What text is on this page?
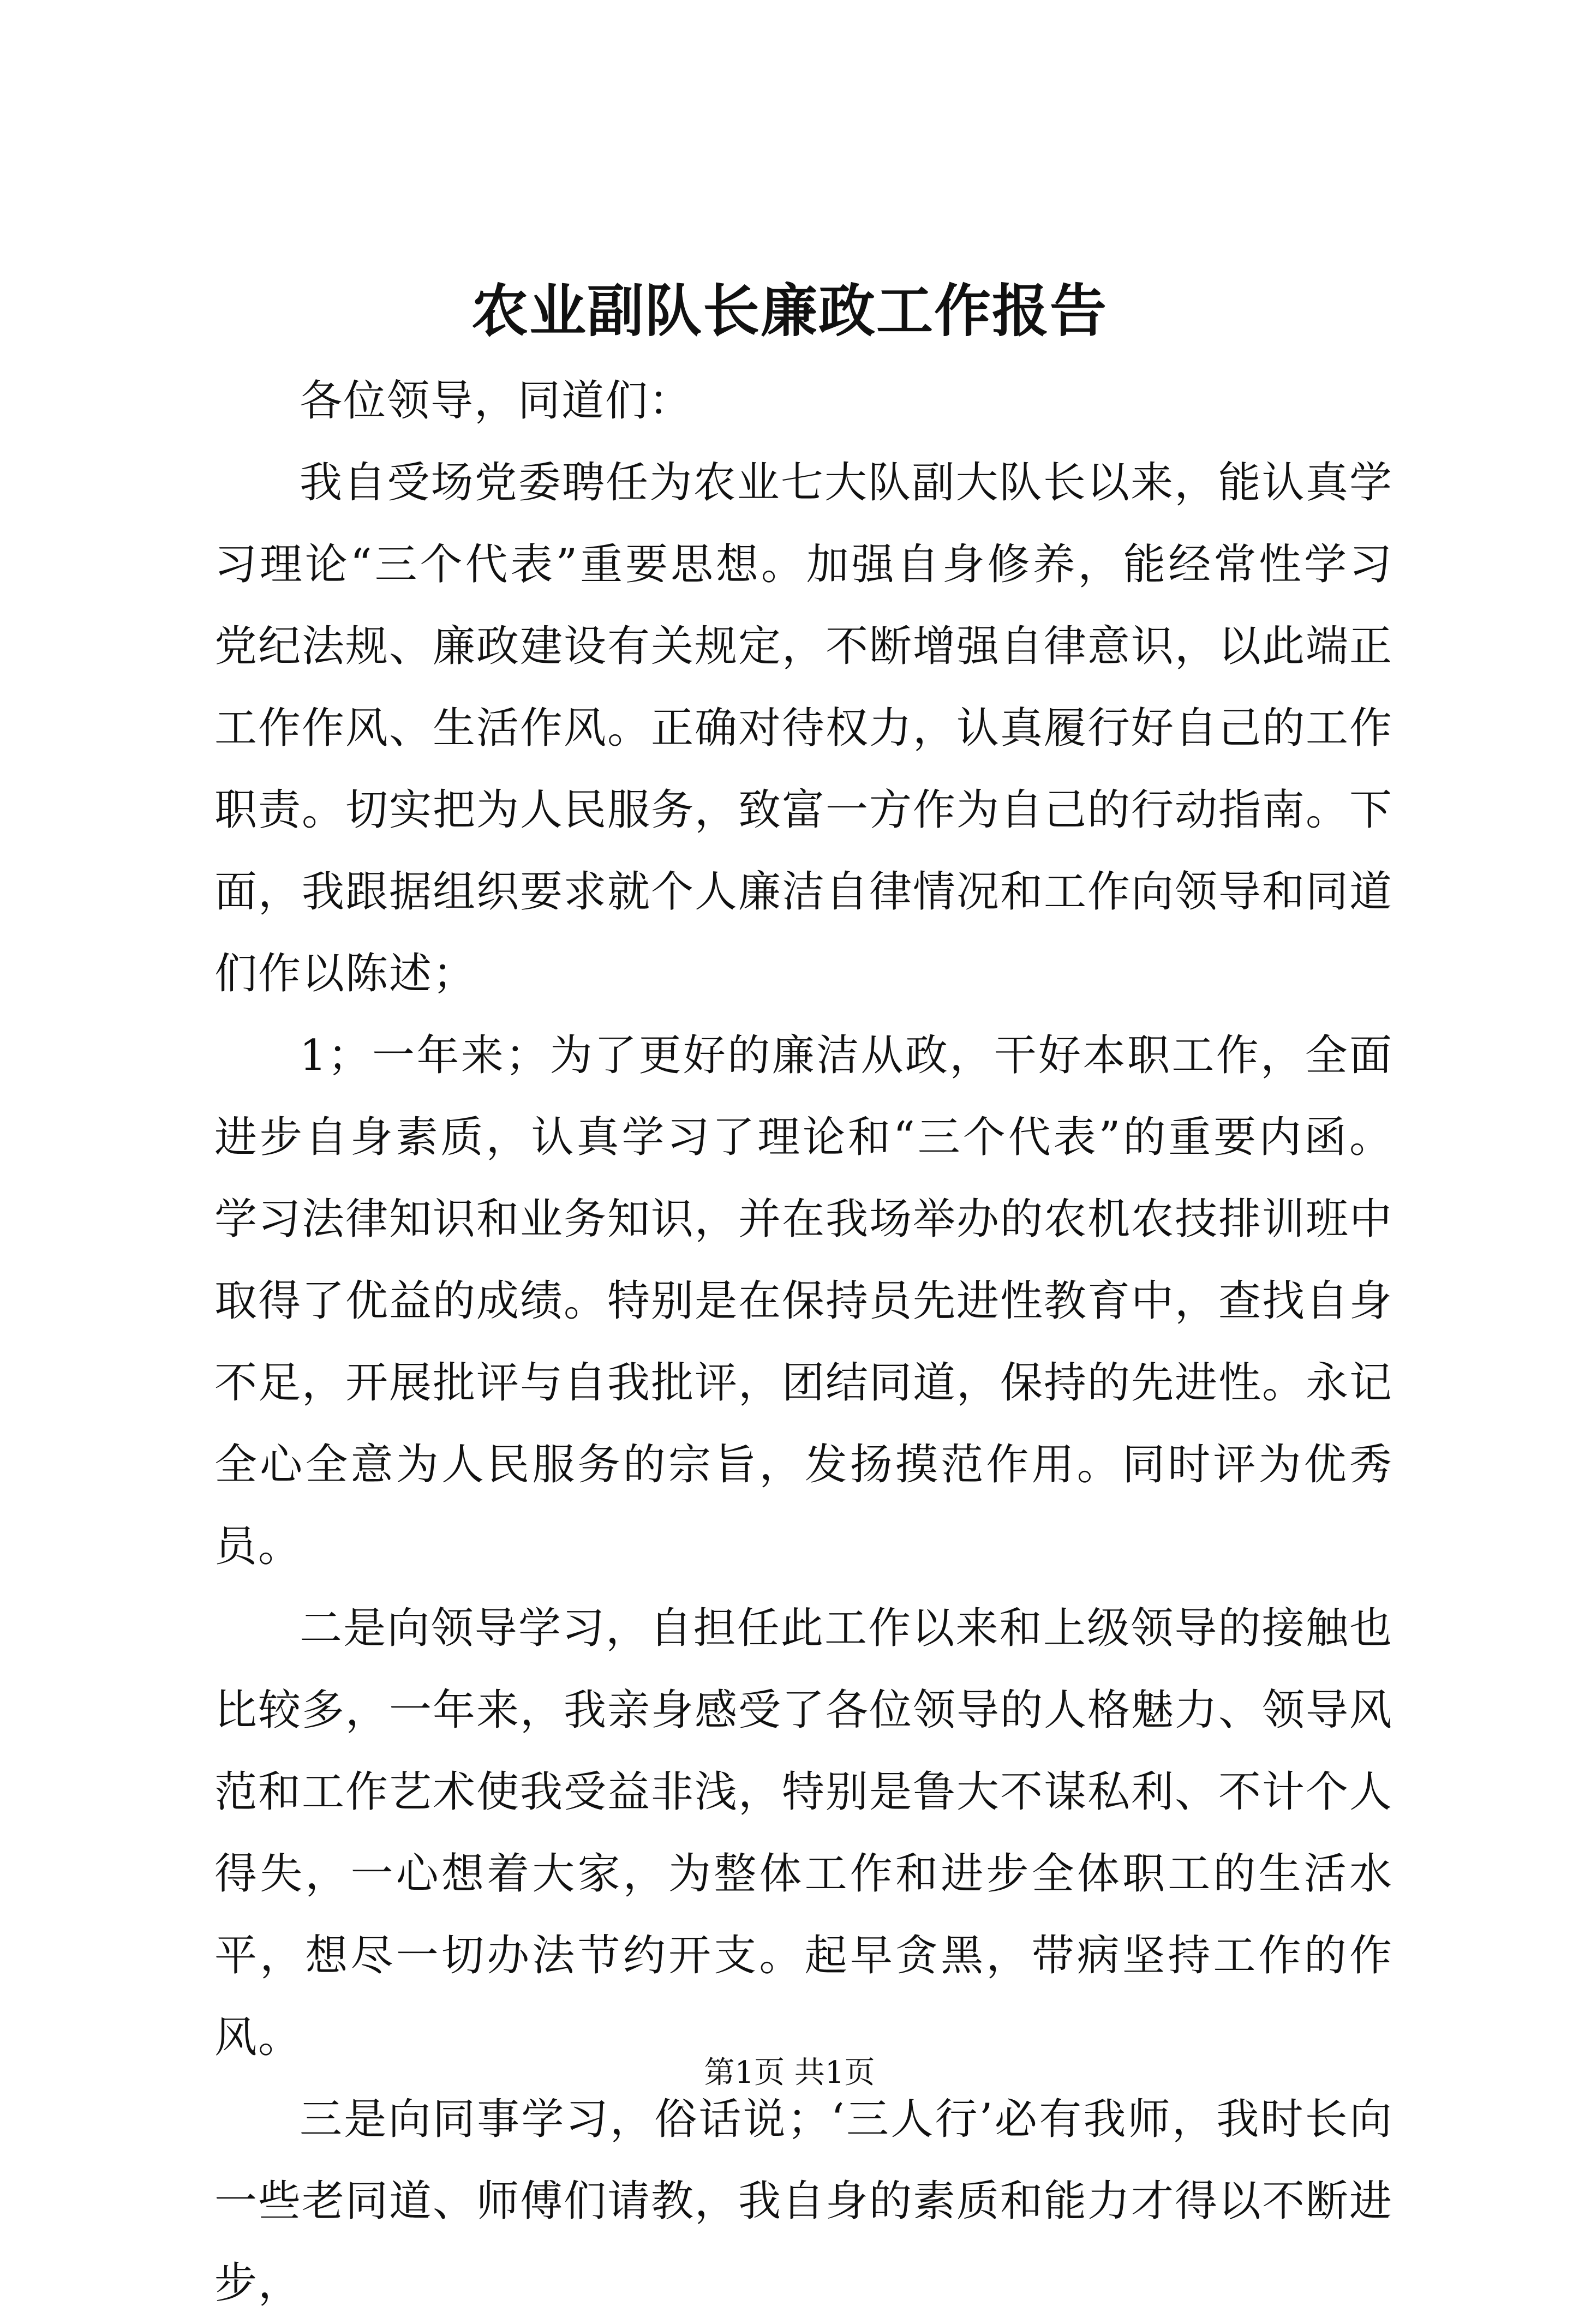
农业副队长廉政工作报告

各位领导，同道们：

我自受场党委聘任为农业七大队副大队长以来，能认真学习理论“三个代表”重要思想。加强自身修养，能经常性学习党纪法规、廉政建设有关规定，不断增强自律意识，以此端正工作作风、生活作风。正确对待权力，认真履行好自己的工作职责。切实把为人民服务，致富一方作为自己的行动指南。下面，我跟据组织要求就个人廉洁自律情况和工作向领导和同道们作以陈述；

1；一年来；为了更好的廉洁从政，干好本职工作，全面进步自身素质，认真学习了理论和“三个代表”的重要内函。学习法律知识和业务知识，并在我场举办的农机农技排训班中取得了优益的成绩。特别是在保持员先进性教育中，查找自身不足，开展批评与自我批评，团结同道，保持的先进性。永记全心全意为人民服务的宗旨，发扬摸范作用。同时评为优秀员。

二是向领导学习，自担任此工作以来和上级领导的接触也比较多，一年来，我亲身感受了各位领导的人格魅力、领导风范和工作艺术使我受益非浅，特别是鲁大不谋私利、不计个人得失，一心想着大家，为整体工作和进步全体职工的生活水平，想尽一切办法节约开支。起早贪黑，带病坚持工作的作风。

三是向同事学习，俗话说；‘三人行’必有我师，我时长向一些老同道、师傅们请教，我自身的素质和能力才得以不断进步，

第1页 共1页
